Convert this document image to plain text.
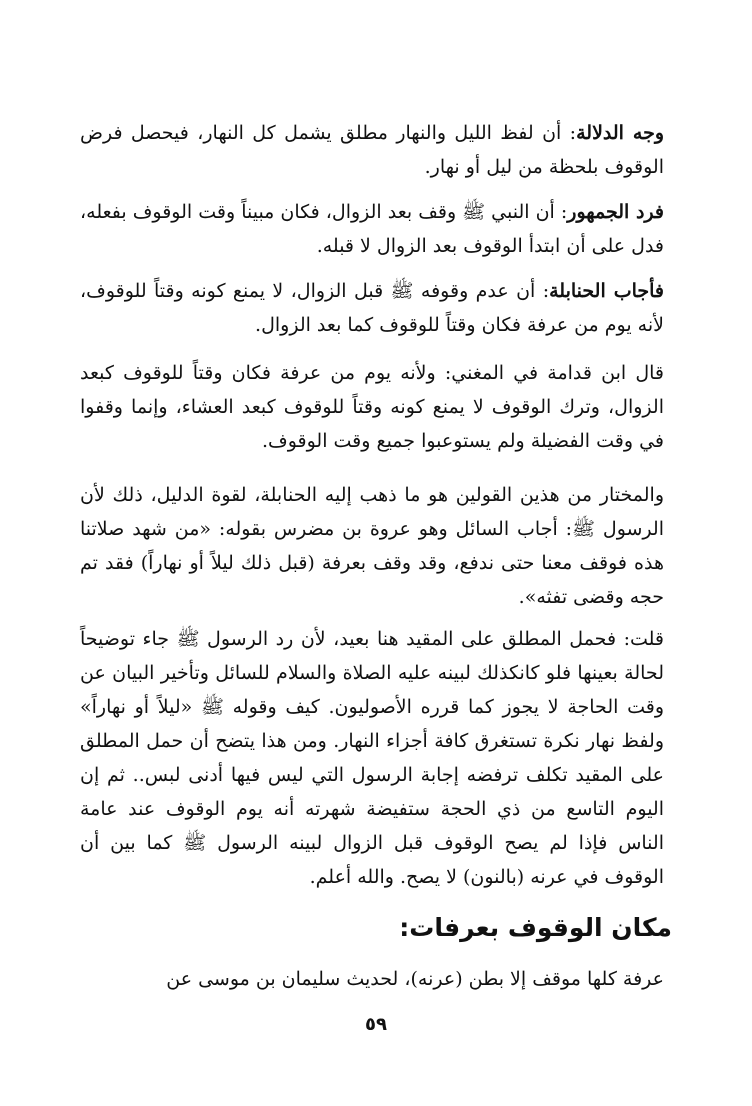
وجه الدلالة: أن لفظ الليل والنهار مطلق يشمل كل النهار، فيحصل فرض الوقوف بلحظة من ليل أو نهار.
فرد الجمهور: أن النبي ﷺ وقف بعد الزوال، فكان مبيناً وقت الوقوف بفعله، فدل على أن ابتدأ الوقوف بعد الزوال لا قبله.
فأجاب الحنابلة: أن عدم وقوفه ﷺ قبل الزوال، لا يمنع كونه وقتاً للوقوف، لأنه يوم من عرفة فكان وقتاً للوقوف كما بعد الزوال.
قال ابن قدامة في المغني: ولأنه يوم من عرفة فكان وقتاً للوقوف كبعد الزوال، وترك الوقوف لا يمنع كونه وقتاً للوقوف كبعد العشاء، وإنما وقفوا في وقت الفضيلة ولم يستوعبوا جميع وقت الوقوف.
والمختار من هذين القولين هو ما ذهب إليه الحنابلة، لقوة الدليل، ذلك لأن الرسول ﷺ: أجاب السائل وهو عروة بن مضرس بقوله: «من شهد صلاتنا هذه فوقف معنا حتى ندفع، وقد وقف بعرفة (قبل ذلك ليلاً أو نهاراً) فقد تم حجه وقضى تفثه».
قلت: فحمل المطلق على المقيد هنا بعيد، لأن رد الرسول ﷺ جاء توضيحاً لحالة بعينها فلو كانكذلك لبينه عليه الصلاة والسلام للسائل وتأخير البيان عن وقت الحاجة لا يجوز كما قرره الأصوليون. كيف وقوله ﷺ «ليلاً أو نهاراً» ولفظ نهار نكرة تستغرق كافة أجزاء النهار. ومن هذا يتضح أن حمل المطلق على المقيد تكلف ترفضه إجابة الرسول التي ليس فيها أدنى لبس.. ثم إن اليوم التاسع من ذي الحجة ستفيضة شهرته أنه يوم الوقوف عند عامة الناس فإذا لم يصح الوقوف قبل الزوال لبينه الرسول ﷺ كما بين أن الوقوف في عرنه (بالنون) لا يصح. والله أعلم.
مكان الوقوف بعرفات:
عرفة كلها موقف إلا بطن (عرنه)، لحديث سليمان بن موسى عن
٥٩
